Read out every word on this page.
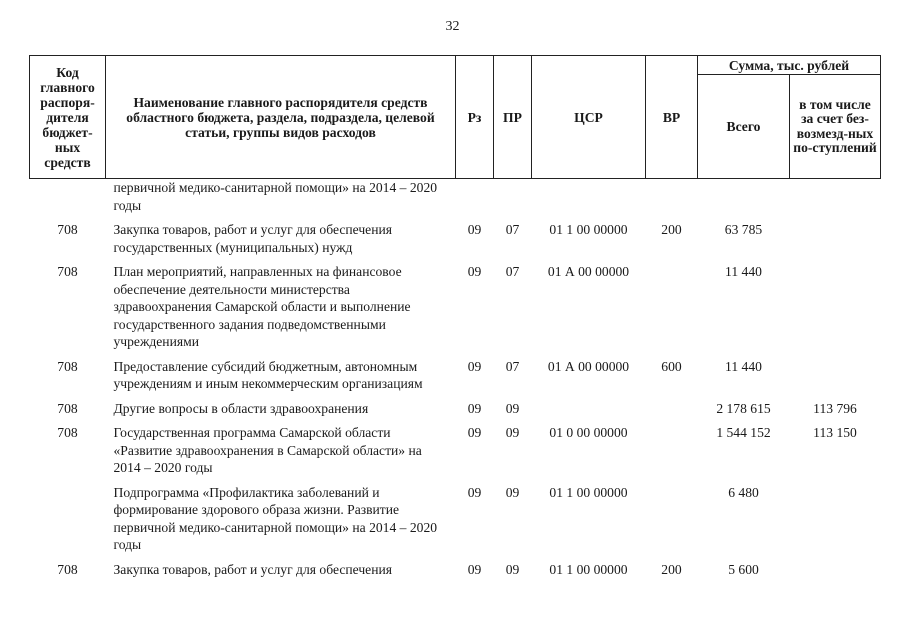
32
Код главного распоря-дителя бюджет-ных средств	Наименование главного распорядителя средств областного бюджета, раздела, подраздела, целевой статьи, группы видов расходов	Рз	ПР	ЦСР	ВР	Сумма, тыс. рублей	
						Всего	в том числе за счет без-возмезд-ных по-ступлений
	первичной медико-санитарной помощи» на 2014 – 2020 годы						
708	Закупка товаров, работ и услуг для обеспечения государственных (муниципальных) нужд	09	07	01 1 00 00000	200	63 785	
708	План мероприятий, направленных на финансовое обеспечение деятельности министерства здравоохранения Самарской области и выполнение государственного задания подведомственными учреждениями	09	07	01 А 00 00000		11 440	
708	Предоставление субсидий бюджетным, автономным учреждениям и иным некоммерческим организациям	09	07	01 А 00 00000	600	11 440	
708	Другие вопросы в области здравоохранения	09	09			2 178 615	113 796
708	Государственная программа Самарской области «Развитие здравоохранения в Самарской области» на 2014 – 2020 годы	09	09	01 0 00 00000		1 544 152	113 150
	Подпрограмма «Профилактика заболеваний и формирование здорового образа жизни. Развитие первичной медико-санитарной помощи» на 2014 – 2020 годы	09	09	01 1 00 00000		6 480	
708	Закупка товаров, работ и услуг для обеспечения	09	09	01 1 00 00000	200	5 600	
